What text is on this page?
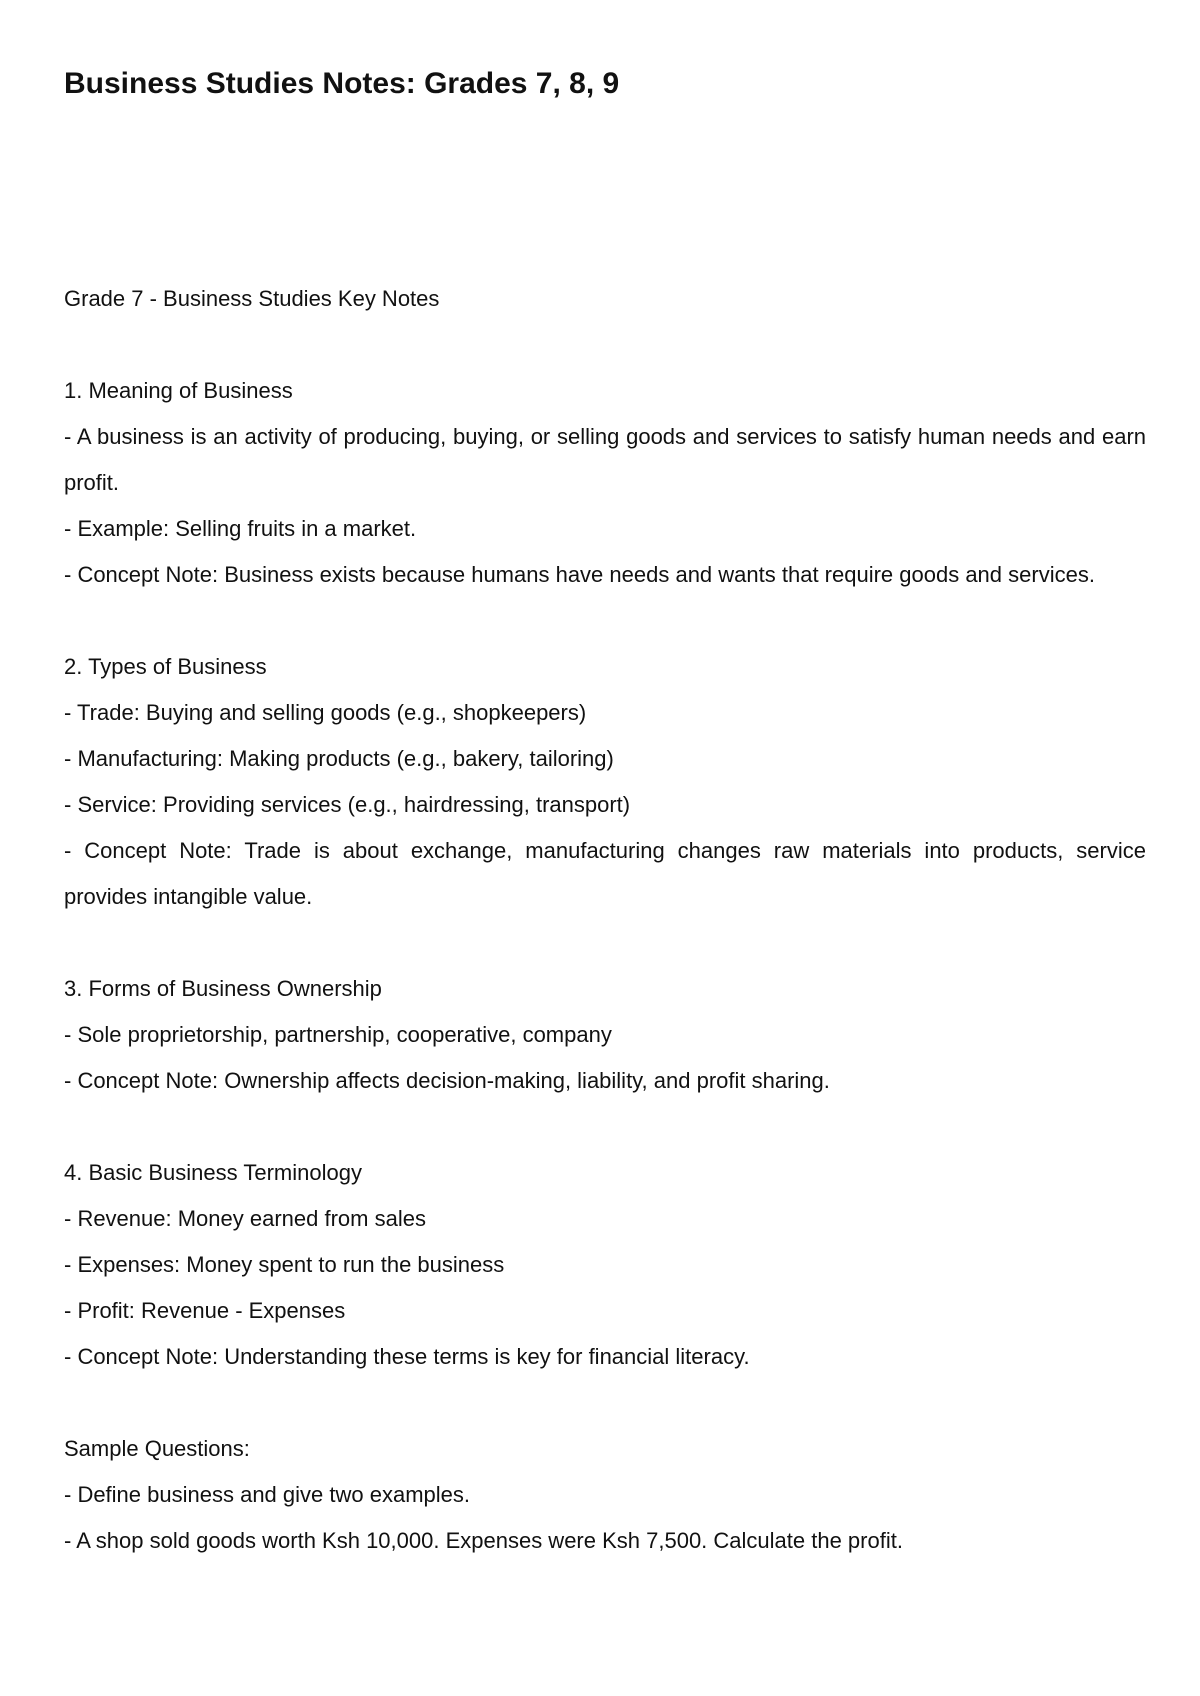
Business Studies Notes: Grades 7, 8, 9

Grade 7 - Business Studies Key Notes

1. Meaning of Business

- A business is an activity of producing, buying, or selling goods and services to satisfy human needs and earn profit.

- Example: Selling fruits in a market.

- Concept Note: Business exists because humans have needs and wants that require goods and services.

2. Types of Business

- Trade: Buying and selling goods (e.g., shopkeepers)

- Manufacturing: Making products (e.g., bakery, tailoring)

- Service: Providing services (e.g., hairdressing, transport)

- Concept Note: Trade is about exchange, manufacturing changes raw materials into products, service provides intangible value.

3. Forms of Business Ownership

- Sole proprietorship, partnership, cooperative, company

- Concept Note: Ownership affects decision-making, liability, and profit sharing.

4. Basic Business Terminology

- Revenue: Money earned from sales

- Expenses: Money spent to run the business

- Profit: Revenue - Expenses

- Concept Note: Understanding these terms is key for financial literacy.

Sample Questions:

- Define business and give two examples.

- A shop sold goods worth Ksh 10,000. Expenses were Ksh 7,500. Calculate the profit.
